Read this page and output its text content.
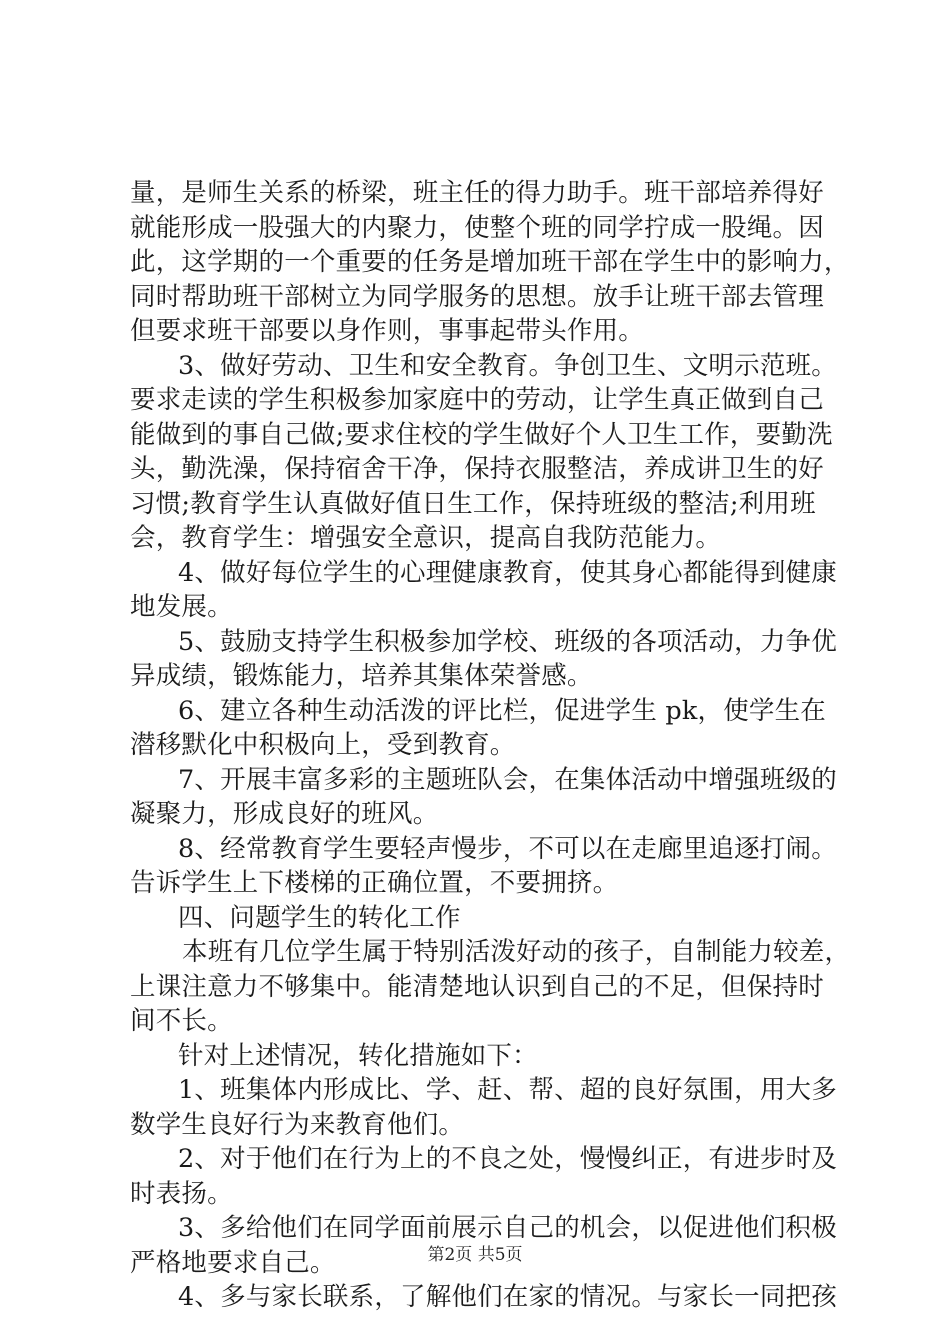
量，是师生关系的桥梁，班主任的得力助手。班干部培养得好
就能形成一股强大的内聚力，使整个班的同学拧成一股绳。因
此，这学期的一个重要的任务是增加班干部在学生中的影响力，
同时帮助班干部树立为同学服务的思想。放手让班干部去管理
但要求班干部要以身作则，事事起带头作用。
3、做好劳动、卫生和安全教育。争创卫生、文明示范班。
要求走读的学生积极参加家庭中的劳动，让学生真正做到自己
能做到的事自己做;要求住校的学生做好个人卫生工作，要勤洗
头，勤洗澡，保持宿舍干净，保持衣服整洁，养成讲卫生的好
习惯;教育学生认真做好值日生工作，保持班级的整洁;利用班
会，教育学生：增强安全意识，提高自我防范能力。
4、做好每位学生的心理健康教育，使其身心都能得到健康
地发展。
5、鼓励支持学生积极参加学校、班级的各项活动，力争优
异成绩，锻炼能力，培养其集体荣誉感。
6、建立各种生动活泼的评比栏，促进学生 pk，使学生在
潜移默化中积极向上，受到教育。
7、开展丰富多彩的主题班队会，在集体活动中增强班级的
凝聚力，形成良好的班风。
8、经常教育学生要轻声慢步，不可以在走廊里追逐打闹。
告诉学生上下楼梯的正确位置，不要拥挤。
四、问题学生的转化工作
本班有几位学生属于特别活泼好动的孩子，自制能力较差，
上课注意力不够集中。能清楚地认识到自己的不足，但保持时
间不长。
针对上述情况，转化措施如下：
1、班集体内形成比、学、赶、帮、超的良好氛围，用大多
数学生良好行为来教育他们。
2、对于他们在行为上的不良之处，慢慢纠正，有进步时及
时表扬。
3、多给他们在同学面前展示自己的机会，以促进他们积极
严格地要求自己。
4、多与家长联系，了解他们在家的情况。与家长一同把孩
第2页 共5页
